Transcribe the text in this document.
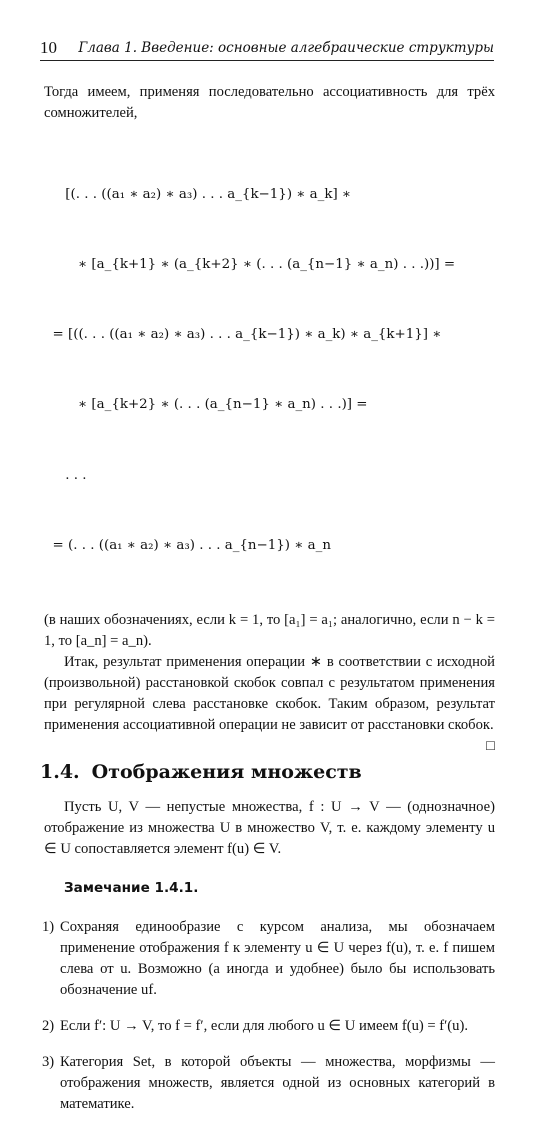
10 Глава 1. Введение: основные алгебраические структуры

Тогда имеем, применяя последовательно ассоциативность для трёх сомножителей,

[(. . . ((a₁ ∗ a₂) ∗ a₃) . . . a_{k−1}) ∗ a_k] ∗

∗ [a_{k+1} ∗ (a_{k+2} ∗ (. . . (a_{n−1} ∗ a_n) . . .))] =

= [((. . . ((a₁ ∗ a₂) ∗ a₃) . . . a_{k−1}) ∗ a_k) ∗ a_{k+1}] ∗

∗ [a_{k+2} ∗ (. . . (a_{n−1} ∗ a_n) . . .)] =

. . .

= (. . . ((a₁ ∗ a₂) ∗ a₃) . . . a_{n−1}) ∗ a_n

(в наших обозначениях, если k = 1, то [a₁] = a₁; аналогично, если n − k = 1, то [a_n] = a_n).

Итак, результат применения операции ∗ в соответствии с исходной (произвольной) расстановкой скобок совпал с результатом применения при регулярной слева расстановке скобок. Таким образом, результат применения ассоциативной операции не зависит от расстановки скобок.
□

1.4. Отображения множеств

Пусть U, V — непустые множества, f : U → V — (однозначное) отображение из множества U в множество V, т. е. каждому элементу u ∈ U сопоставляется элемент f(u) ∈ V.

Замечание 1.4.1.
1) Сохраняя единообразие с курсом анализа, мы обозначаем применение отображения f к элементу u ∈ U через f(u), т. е. f пишем слева от u. Возможно (а иногда и удобнее) было бы использовать обозначение uf.
2) Если f′: U → V, то f = f′, если для любого u ∈ U имеем f(u) = f′(u).
3) Категория Set, в которой объекты — множества, морфизмы — отображения множеств, является одной из основных категорий в математике.
